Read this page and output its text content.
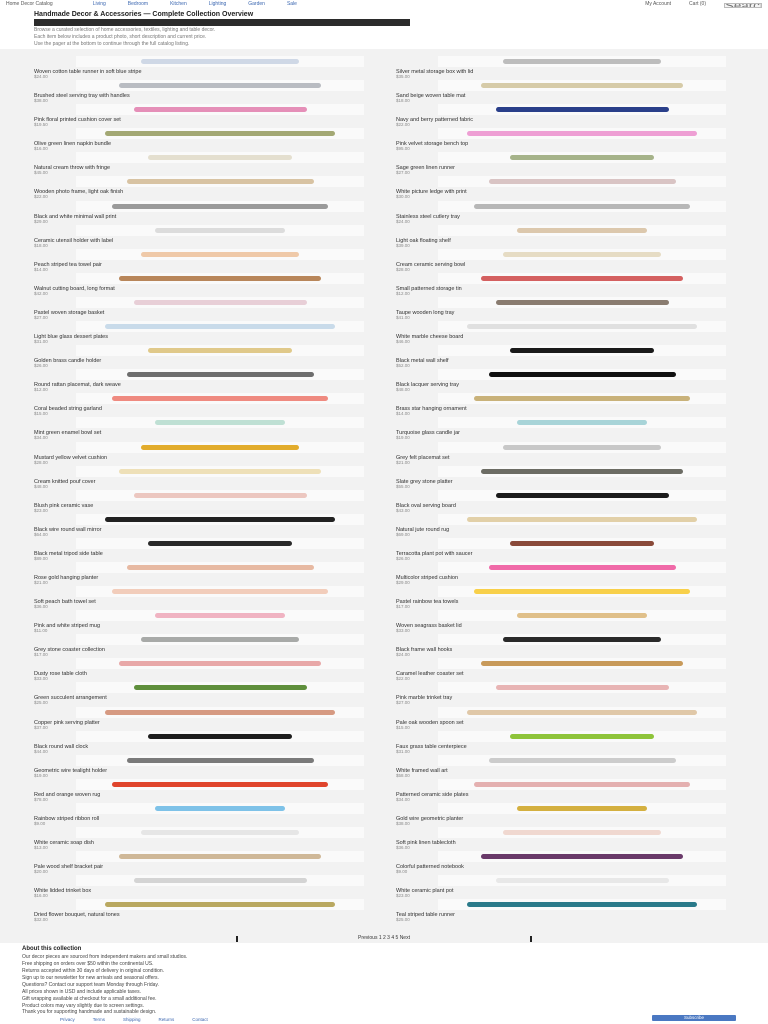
Home Decor Catalog	Living	Bedroom	Kitchen	Lighting	Garden	Sale	My Account	Cart (0)
Search
Handmade Decor & Accessories — Complete Collection Overview
Browse a curated selection of home accessories, textiles, lighting and table decor.
Each item below includes a product photo, short description and current price.
Use the pager at the bottom to continue through the full catalog listing.
Woven cotton table runner in soft blue stripe
$24.00
Brushed steel serving tray with handles
$38.00
Pink floral printed cushion cover set
$19.50
Olive green linen napkin bundle
$16.00
Natural cream throw with fringe
$45.00
Wooden photo frame, light oak finish
$22.00
Black and white minimal wall print
$29.00
Ceramic utensil holder with label
$18.00
Peach striped tea towel pair
$14.00
Walnut cutting board, long format
$42.00
Pastel woven storage basket
$27.00
Light blue glass dessert plates
$31.00
Golden brass candle holder
$26.00
Round rattan placemat, dark weave
$12.00
Coral beaded string garland
$15.00
Mint green enamel bowl set
$34.00
Mustard yellow velvet cushion
$28.00
Cream knitted pouf cover
$48.00
Blush pink ceramic vase
$23.00
Black wire round wall mirror
$64.00
Black metal tripod side table
$89.00
Rose gold hanging planter
$21.00
Soft peach bath towel set
$36.00
Pink and white striped mug
$11.00
Grey stone coaster collection
$17.00
Dusty rose table cloth
$33.00
Green succulent arrangement
$25.00
Copper pink serving platter
$37.00
Black round wall clock
$44.00
Geometric wire tealight holder
$19.00
Red and orange woven rug
$78.00
Rainbow striped ribbon roll
$9.00
White ceramic soap dish
$13.00
Pale wood shelf bracket pair
$20.00
White lidded trinket box
$16.00
Dried flower bouquet, natural tones
$32.00
Silver metal storage box with lid
$35.00
Sand beige woven table mat
$18.00
Navy and berry patterned fabric
$22.00
Pink velvet storage bench top
$95.00
Sage green linen runner
$27.00
White picture ledge with print
$30.00
Stainless steel cutlery tray
$24.00
Light oak floating shelf
$39.00
Cream ceramic serving bowl
$28.00
Small patterned storage tin
$12.00
Taupe wooden long tray
$41.00
White marble cheese board
$46.00
Black metal wall shelf
$52.00
Black lacquer serving tray
$48.00
Brass star hanging ornament
$14.00
Turquoise glass candle jar
$19.00
Grey felt placemat set
$21.00
Slate grey stone platter
$55.00
Black oval serving board
$43.00
Natural jute round rug
$69.00
Terracotta plant pot with saucer
$26.00
Multicolor striped cushion
$29.00
Pastel rainbow tea towels
$17.00
Woven seagrass basket lid
$33.00
Black frame wall hooks
$24.00
Caramel leather coaster set
$22.00
Pink marble trinket tray
$27.00
Pale oak wooden spoon set
$15.00
Faux grass table centerpiece
$31.00
White framed wall art
$58.00
Patterned ceramic side plates
$34.00
Gold wire geometric planter
$38.00
Soft pink linen tablecloth
$36.00
Colorful patterned notebook
$9.00
White ceramic plant pot
$23.00
Teal striped table runner
$25.00
Previous 1 2 3 4 5 Next
About this collection
Our decor pieces are sourced from independent makers and small studios.
Free shipping on orders over $50 within the continental US.
Returns accepted within 30 days of delivery in original condition.
Sign up to our newsletter for new arrivals and seasonal offers.
Questions? Contact our support team Monday through Friday.
All prices shown in USD and include applicable taxes.
Gift wrapping available at checkout for a small additional fee.
Product colors may vary slightly due to screen settings.
Thank you for supporting handmade and sustainable design.
Privacy	Terms	Shipping	Returns	Contact	Subscribe
